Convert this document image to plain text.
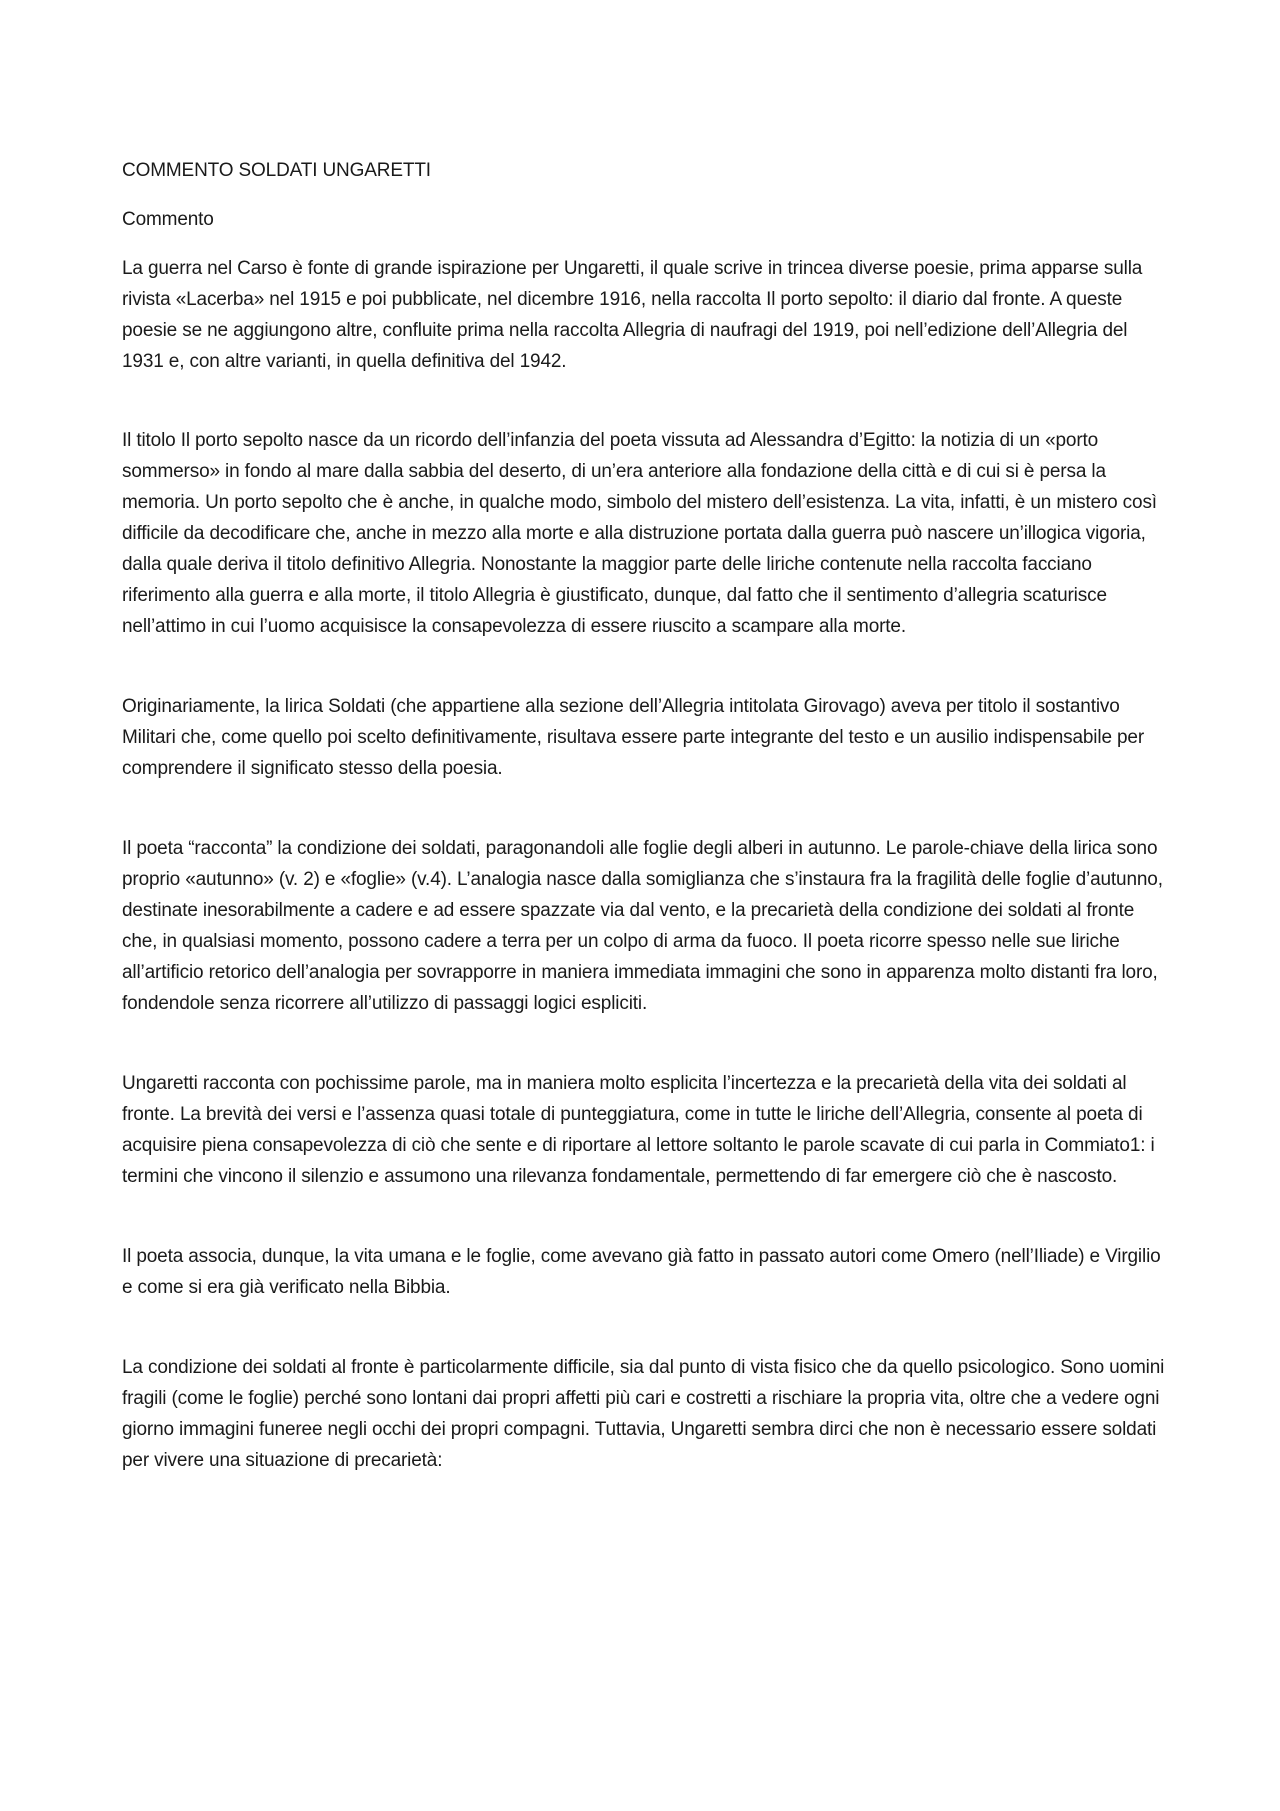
COMMENTO SOLDATI UNGARETTI

Commento

La guerra nel Carso è fonte di grande ispirazione per Ungaretti, il quale scrive in trincea diverse poesie, prima apparse sulla rivista «Lacerba» nel 1915 e poi pubblicate, nel dicembre 1916, nella raccolta Il porto sepolto: il diario dal fronte. A queste poesie se ne aggiungono altre, confluite prima nella raccolta Allegria di naufragi del 1919, poi nell’edizione dell’Allegria del 1931 e, con altre varianti, in quella definitiva del 1942.

Il titolo Il porto sepolto nasce da un ricordo dell’infanzia del poeta vissuta ad Alessandra d’Egitto: la notizia di un «porto sommerso» in fondo al mare dalla sabbia del deserto, di un’era anteriore alla fondazione della città e di cui si è persa la memoria. Un porto sepolto che è anche, in qualche modo, simbolo del mistero dell’esistenza. La vita, infatti, è un mistero così difficile da decodificare che, anche in mezzo alla morte e alla distruzione portata dalla guerra può nascere un’illogica vigoria, dalla quale deriva il titolo definitivo Allegria. Nonostante la maggior parte delle liriche contenute nella raccolta facciano riferimento alla guerra e alla morte, il titolo Allegria è giustificato, dunque, dal fatto che il sentimento d’allegria scaturisce nell’attimo in cui l’uomo acquisisce la consapevolezza di essere riuscito a scampare alla morte.

Originariamente, la lirica Soldati (che appartiene alla sezione dell’Allegria intitolata Girovago) aveva per titolo il sostantivo Militari che, come quello poi scelto definitivamente, risultava essere parte integrante del testo e un ausilio indispensabile per comprendere il significato stesso della poesia.

Il poeta “racconta” la condizione dei soldati, paragonandoli alle foglie degli alberi in autunno. Le parole-chiave della lirica sono proprio «autunno» (v. 2) e «foglie» (v.4). L’analogia nasce dalla somiglianza che s’instaura fra la fragilità delle foglie d’autunno, destinate inesorabilmente a cadere e ad essere spazzate via dal vento, e la precarietà della condizione dei soldati al fronte che, in qualsiasi momento, possono cadere a terra per un colpo di arma da fuoco. Il poeta ricorre spesso nelle sue liriche all’artificio retorico dell’analogia per sovrapporre in maniera immediata immagini che sono in apparenza molto distanti fra loro, fondendole senza ricorrere all’utilizzo di passaggi logici espliciti.

Ungaretti racconta con pochissime parole, ma in maniera molto esplicita l’incertezza e la precarietà della vita dei soldati al fronte. La brevità dei versi e l’assenza quasi totale di punteggiatura, come in tutte le liriche dell’Allegria, consente al poeta di acquisire piena consapevolezza di ciò che sente e di riportare al lettore soltanto le parole scavate di cui parla in Commiato1: i termini che vincono il silenzio e assumono una rilevanza fondamentale, permettendo di far emergere ciò che è nascosto.

Il poeta associa, dunque, la vita umana e le foglie, come avevano già fatto in passato autori come Omero (nell’Iliade) e Virgilio e come si era già verificato nella Bibbia.

La condizione dei soldati al fronte è particolarmente difficile, sia dal punto di vista fisico che da quello psicologico. Sono uomini fragili (come le foglie) perché sono lontani dai propri affetti più cari e costretti a rischiare la propria vita, oltre che a vedere ogni giorno immagini funeree negli occhi dei propri compagni. Tuttavia, Ungaretti sembra dirci che non è necessario essere soldati per vivere una situazione di precarietà:
